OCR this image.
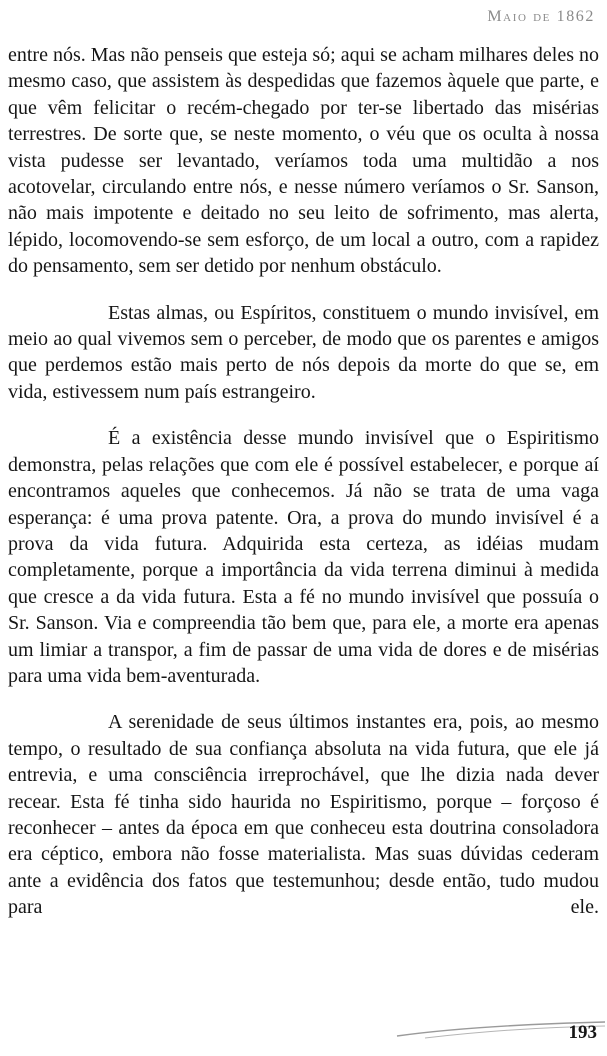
Maio de 1862

entre nós. Mas não penseis que esteja só; aqui se acham milhares deles no mesmo caso, que assistem às despedidas que fazemos àquele que parte, e que vêm felicitar o recém-chegado por ter-se libertado das misérias terrestres. De sorte que, se neste momento, o véu que os oculta à nossa vista pudesse ser levantado, veríamos toda uma multidão a nos acotovelar, circulando entre nós, e nesse número veríamos o Sr. Sanson, não mais impotente e deitado no seu leito de sofrimento, mas alerta, lépido, locomovendo-se sem esforço, de um local a outro, com a rapidez do pensamento, sem ser detido por nenhum obstáculo.

Estas almas, ou Espíritos, constituem o mundo invisível, em meio ao qual vivemos sem o perceber, de modo que os parentes e amigos que perdemos estão mais perto de nós depois da morte do que se, em vida, estivessem num país estrangeiro.

É a existência desse mundo invisível que o Espiritismo demonstra, pelas relações que com ele é possível estabelecer, e porque aí encontramos aqueles que conhecemos. Já não se trata de uma vaga esperança: é uma prova patente. Ora, a prova do mundo invisível é a prova da vida futura. Adquirida esta certeza, as idéias mudam completamente, porque a importância da vida terrena diminui à medida que cresce a da vida futura. Esta a fé no mundo invisível que possuía o Sr. Sanson. Via e compreendia tão bem que, para ele, a morte era apenas um limiar a transpor, a fim de passar de uma vida de dores e de misérias para uma vida bem-aventurada.

A serenidade de seus últimos instantes era, pois, ao mesmo tempo, o resultado de sua confiança absoluta na vida futura, que ele já entrevia, e uma consciência irreprochável, que lhe dizia nada dever recear. Esta fé tinha sido haurida no Espiritismo, porque – forçoso é reconhecer – antes da época em que conheceu esta doutrina consoladora era céptico, embora não fosse materialista. Mas suas dúvidas cederam ante a evidência dos fatos que testemunhou; desde então, tudo mudou para ele.

193
